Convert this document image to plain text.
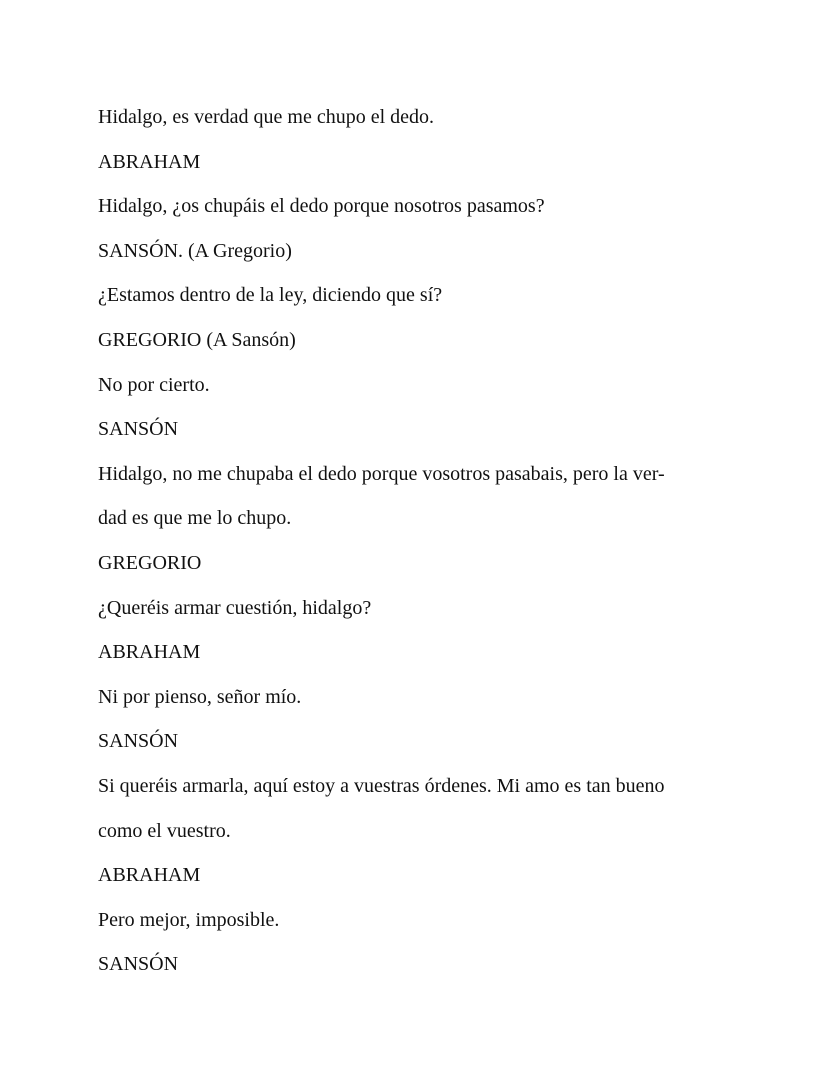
Hidalgo, es verdad que me chupo el dedo.
ABRAHAM
Hidalgo, ¿os chupáis el dedo porque nosotros pasamos?
SANSÓN. (A Gregorio)
¿Estamos dentro de la ley, diciendo que sí?
GREGORIO (A Sansón)
No por cierto.
SANSÓN
Hidalgo, no me chupaba el dedo porque vosotros pasabais, pero la ver-
dad es que me lo chupo.
GREGORIO
¿Queréis armar cuestión, hidalgo?
ABRAHAM
Ni por pienso, señor mío.
SANSÓN
Si queréis armarla, aquí estoy a vuestras órdenes. Mi amo es tan bueno
como el vuestro.
ABRAHAM
Pero mejor, imposible.
SANSÓN
